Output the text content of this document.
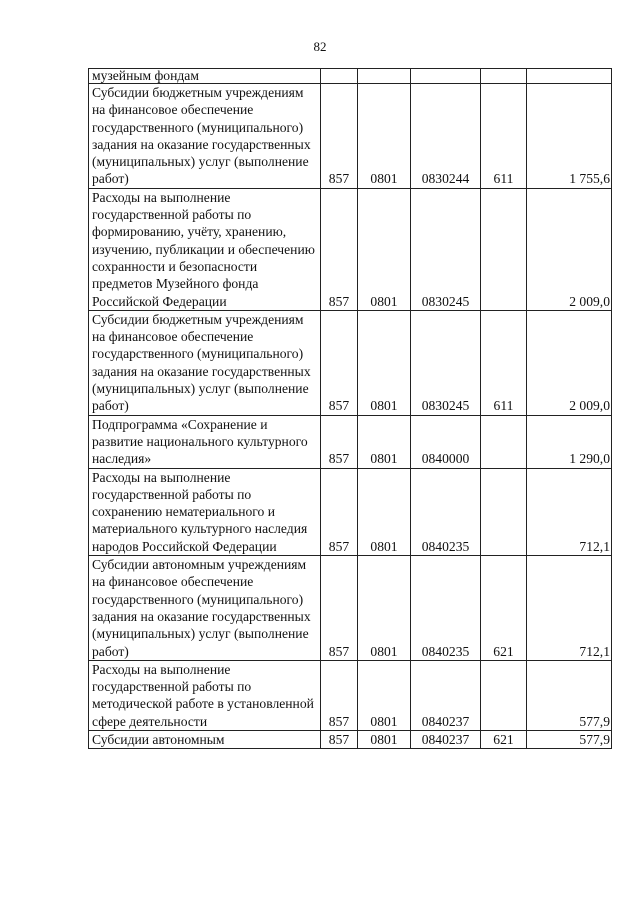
82
музейным фондам					
Субсидии бюджетным учреждениям на финансовое обеспечение государственного (муниципального) задания на оказание государственных (муниципальных) услуг (выполнение работ)	857	0801	0830244	611	1 755,6
Расходы на выполнение государственной работы по формированию, учёту, хранению, изучению, публикации и обеспечению сохранности и безопасности предметов Музейного фонда Российской Федерации	857	0801	0830245		2 009,0
Субсидии бюджетным учреждениям на финансовое обеспечение государственного (муниципального) задания на оказание государственных (муниципальных) услуг (выполнение работ)	857	0801	0830245	611	2 009,0
Подпрограмма «Сохранение и развитие национального культурного наследия»	857	0801	0840000		1 290,0
Расходы на выполнение государственной работы по сохранению нематериального и материального культурного наследия народов Российской Федерации	857	0801	0840235		712,1
Субсидии автономным учреждениям на финансовое обеспечение государственного (муниципального) задания на оказание государственных (муниципальных) услуг (выполнение работ)	857	0801	0840235	621	712,1
Расходы на выполнение государственной работы по методической работе в установленной сфере деятельности	857	0801	0840237		577,9
Субсидии автономным	857	0801	0840237	621	577,9
